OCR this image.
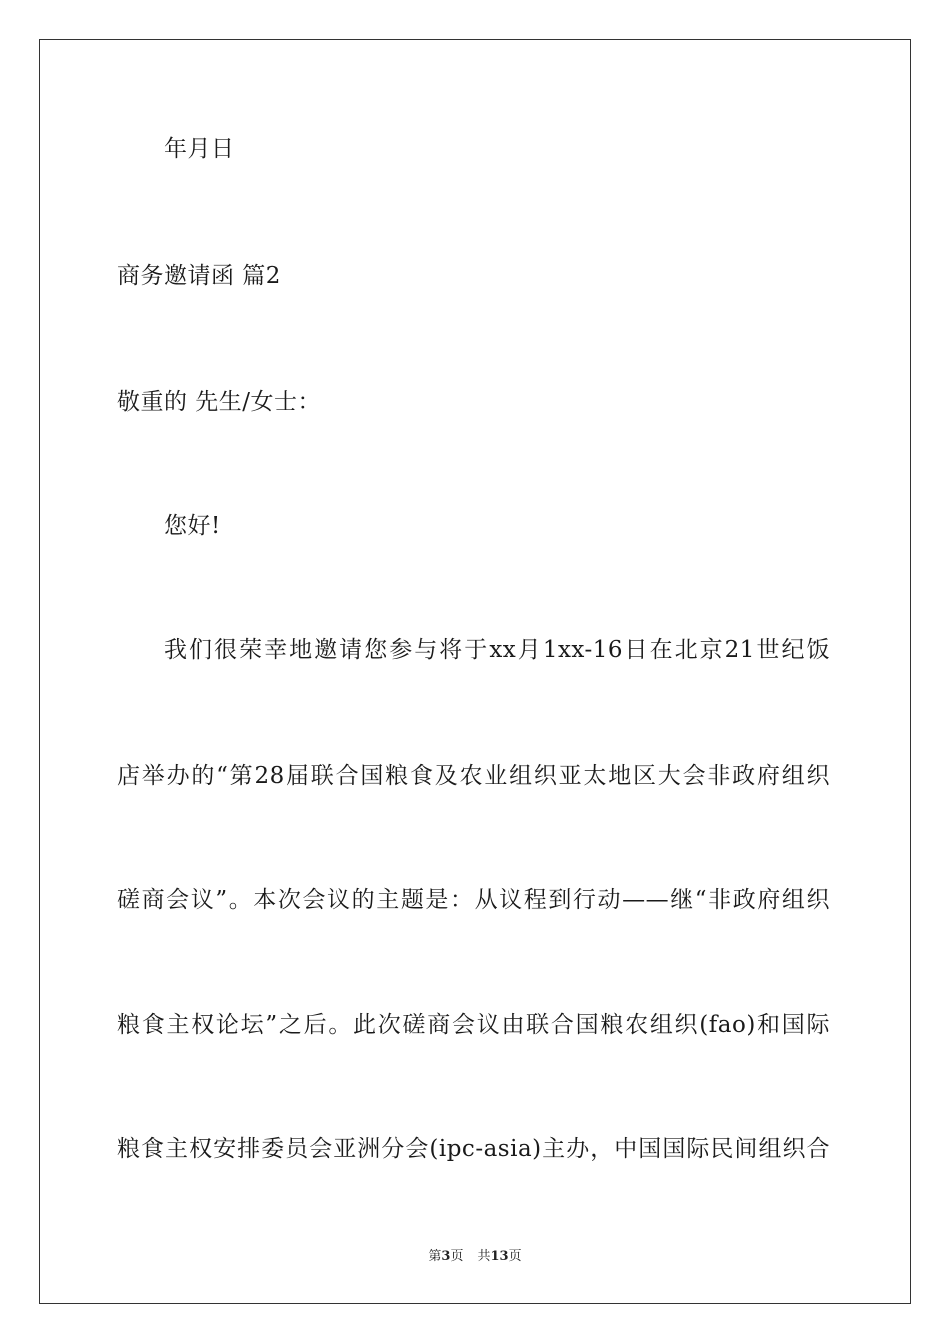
年月日
商务邀请函 篇2
敬重的 先生/女士：
您好!
我们很荣幸地邀请您参与将于xx月1xx-16日在北京21世纪饭
店举办的“第28届联合国粮食及农业组织亚太地区大会非政府组织
磋商会议”。本次会议的主题是：从议程到行动——继“非政府组织
粮食主权论坛”之后。此次磋商会议由联合国粮农组织(fao)和国际
粮食主权安排委员会亚洲分会(ipc-asia)主办，中国国际民间组织合
第3页 共13页
